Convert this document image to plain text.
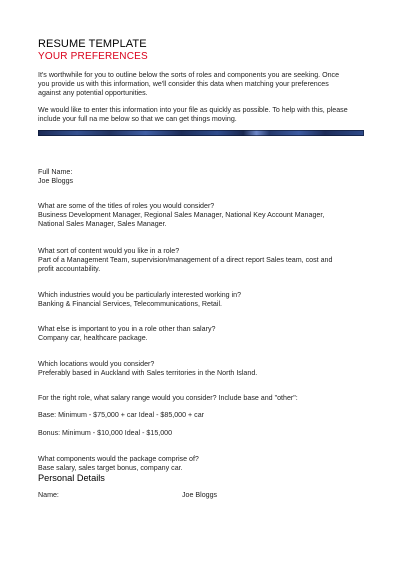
RESUME TEMPLATE
YOUR PREFERENCES
It's worthwhile for you to outline below the sorts of roles and components you are seeking. Once
you provide us with this information, we'll consider this data when matching your preferences
against any potential opportunities.
We would like to enter this information into your file as quickly as possible. To help with this, please
include your full na me below so that we can get things moving.
Full Name:
Joe Bloggs
What are some of the titles of roles you would consider?
Business Development Manager, Regional Sales Manager, National Key Account Manager,
National Sales Manager, Sales Manager.
What sort of content would you like in a role?
Part of a Management Team, supervision/management of a direct report Sales team, cost and
profit accountability.
Which industries would you be particularly interested working in?
Banking & Financial Services, Telecommunications, Retail.
What else is important to you in a role other than salary?
Company car, healthcare package.
Which locations would you consider?
Preferably based in Auckland with Sales territories in the North Island.
For the right role, what salary range would you consider? Include base and "other":
Base: Minimum - $75,000 + car Ideal - $85,000 + car
Bonus: Minimum - $10,000 Ideal - $15,000
What components would the package comprise of?
Base salary, sales target bonus, company car.
Personal Details
Name:	Joe Bloggs
